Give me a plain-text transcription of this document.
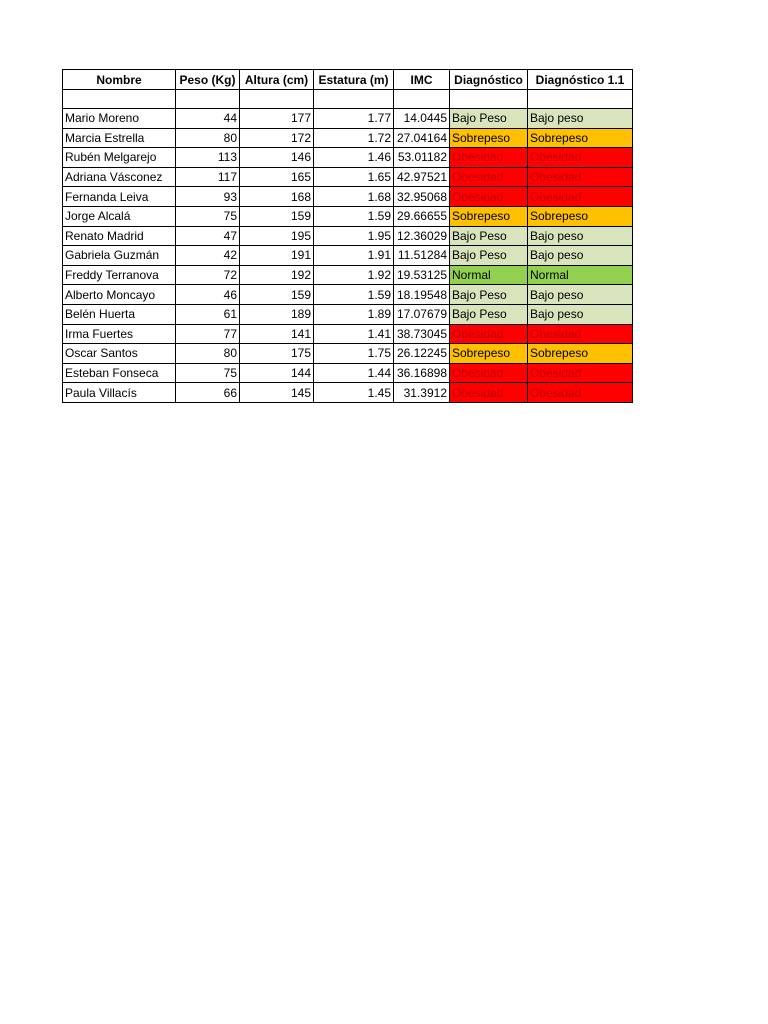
Nombre	Peso (Kg)	Altura (cm)	Estatura (m)	IMC	Diagnóstico	Diagnóstico 1.1

Mario Moreno	44	177	1.77	14.0445	Bajo Peso	Bajo peso
Marcia Estrella	80	172	1.72	27.04164	Sobrepeso	Sobrepeso
Rubén Melgarejo	113	146	1.46	53.01182	Obesidad	Obesidad
Adriana Vásconez	117	165	1.65	42.97521	Obesidad	Obesidad
Fernanda Leiva	93	168	1.68	32.95068	Obesidad	Obesidad
Jorge Alcalá	75	159	1.59	29.66655	Sobrepeso	Sobrepeso
Renato Madrid	47	195	1.95	12.36029	Bajo Peso	Bajo peso
Gabriela Guzmán	42	191	1.91	11.51284	Bajo Peso	Bajo peso
Freddy Terranova	72	192	1.92	19.53125	Normal	Normal
Alberto Moncayo	46	159	1.59	18.19548	Bajo Peso	Bajo peso
Belén Huerta	61	189	1.89	17.07679	Bajo Peso	Bajo peso
Irma Fuertes	77	141	1.41	38.73045	Obesidad	Obesidad
Oscar Santos	80	175	1.75	26.12245	Sobrepeso	Sobrepeso
Esteban Fonseca	75	144	1.44	36.16898	Obesidad	Obesidad
Paula Villacís	66	145	1.45	31.3912	Obesidad	Obesidad
